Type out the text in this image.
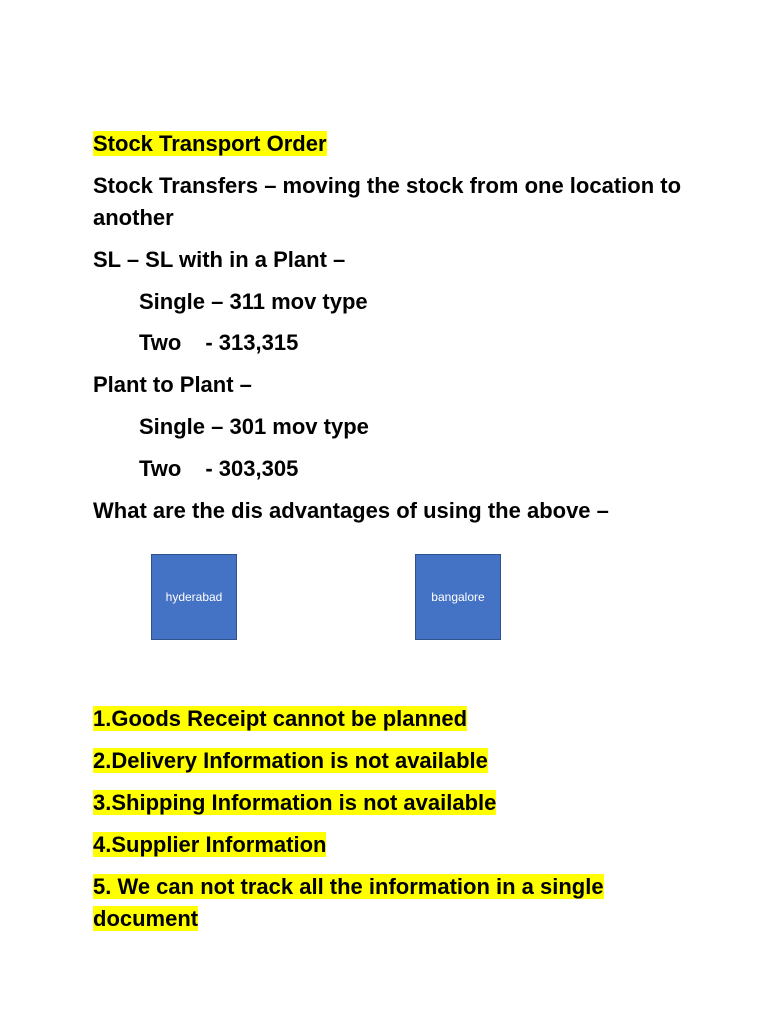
Stock Transport Order
Stock Transfers – moving the stock from one location to another
SL – SL with in a Plant –
Single – 311 mov type
Two - 313,315
Plant to Plant –
Single – 301 mov type
Two - 303,305
What are the dis advantages of using the above –
hyderabad	bangalore
1.Goods Receipt cannot be planned
2.Delivery Information is not available
3.Shipping Information is not available
4.Supplier Information
5. We can not track all the information in a single
document
